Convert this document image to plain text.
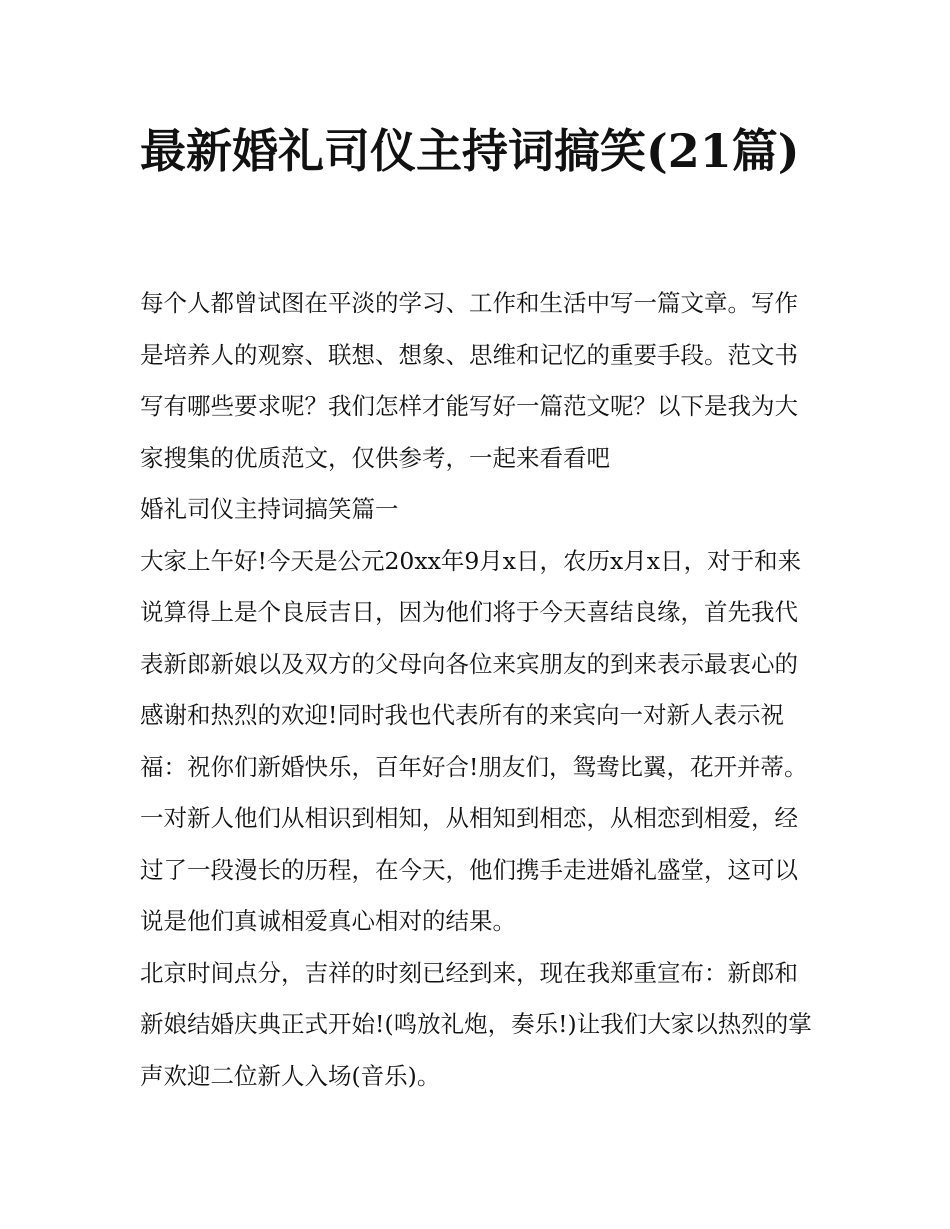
最新婚礼司仪主持词搞笑(21篇)

每个人都曾试图在平淡的学习、工作和生活中写一篇文章。写作是培养人的观察、联想、想象、思维和记忆的重要手段。范文书写有哪些要求呢？我们怎样才能写好一篇范文呢？以下是我为大家搜集的优质范文，仅供参考，一起来看看吧

婚礼司仪主持词搞笑篇一

大家上午好!今天是公元20xx年9月x日，农历x月x日，对于和来说算得上是个良辰吉日，因为他们将于今天喜结良缘，首先我代表新郎新娘以及双方的父母向各位来宾朋友的到来表示最衷心的感谢和热烈的欢迎!同时我也代表所有的来宾向一对新人表示祝福：祝你们新婚快乐，百年好合!朋友们，鸳鸯比翼，花开并蒂。一对新人他们从相识到相知，从相知到相恋，从相恋到相爱，经过了一段漫长的历程，在今天，他们携手走进婚礼盛堂，这可以说是他们真诚相爱真心相对的结果。

北京时间点分，吉祥的时刻已经到来，现在我郑重宣布：新郎和新娘结婚庆典正式开始!(鸣放礼炮，奏乐!)让我们大家以热烈的掌声欢迎二位新人入场(音乐)。
